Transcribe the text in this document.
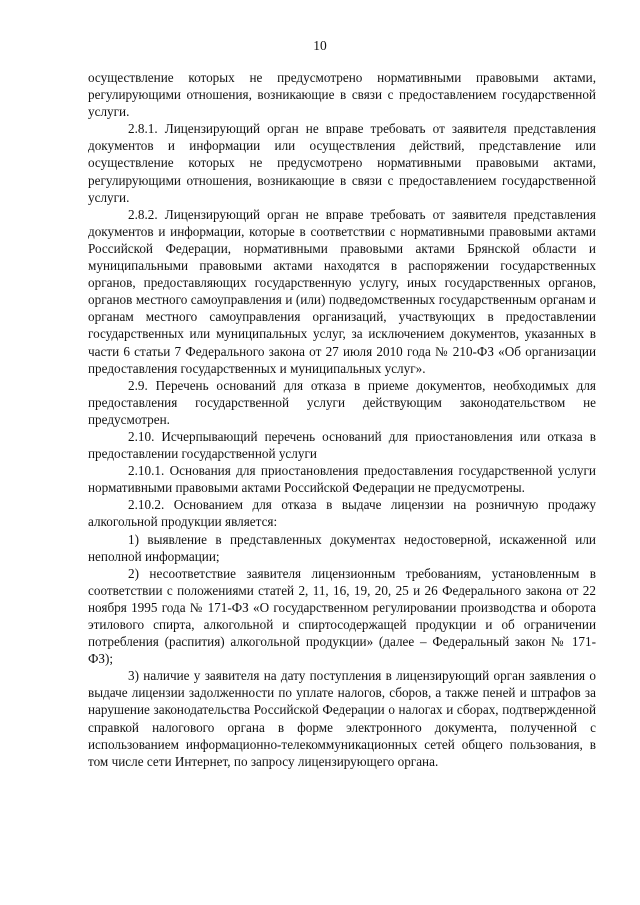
10

осуществление которых не предусмотрено нормативными правовыми актами, регулирующими отношения, возникающие в связи с предоставлением государственной услуги.

2.8.1. Лицензирующий орган не вправе требовать от заявителя представления документов и информации или осуществления действий, представление или осуществление которых не предусмотрено нормативными правовыми актами, регулирующими отношения, возникающие в связи с предоставлением государственной услуги.

2.8.2. Лицензирующий орган не вправе требовать от заявителя представления документов и информации, которые в соответствии с нормативными правовыми актами Российской Федерации, нормативными правовыми актами Брянской области и муниципальными правовыми актами находятся в распоряжении государственных органов, предоставляющих государственную услугу, иных государственных органов, органов местного самоуправления и (или) подведомственных государственным органам и органам местного самоуправления организаций, участвующих в предоставлении государственных или муниципальных услуг, за исключением документов, указанных в части 6 статьи 7 Федерального закона от 27 июля 2010 года № 210-ФЗ «Об организации предоставления государственных и муниципальных услуг».

2.9. Перечень оснований для отказа в приеме документов, необходимых для предоставления государственной услуги действующим законодательством не предусмотрен.

2.10. Исчерпывающий перечень оснований для приостановления или отказа в предоставлении государственной услуги

2.10.1. Основания для приостановления предоставления государственной услуги нормативными правовыми актами Российской Федерации не предусмотрены.

2.10.2. Основанием для отказа в выдаче лицензии на розничную продажу алкогольной продукции является:

1) выявление в представленных документах недостоверной, искаженной или неполной информации;

2) несоответствие заявителя лицензионным требованиям, установленным в соответствии с положениями статей 2, 11, 16, 19, 20, 25 и 26 Федерального закона от 22 ноября 1995 года № 171-ФЗ «О государственном регулировании производства и оборота этилового спирта, алкогольной и спиртосодержащей продукции и об ограничении потребления (распития) алкогольной продукции» (далее – Федеральный закон № 171-ФЗ);

3) наличие у заявителя на дату поступления в лицензирующий орган заявления о выдаче лицензии задолженности по уплате налогов, сборов, а также пеней и штрафов за нарушение законодательства Российской Федерации о налогах и сборах, подтвержденной справкой налогового органа в форме электронного документа, полученной с использованием информационно-телекоммуникационных сетей общего пользования, в том числе сети Интернет, по запросу лицензирующего органа.
